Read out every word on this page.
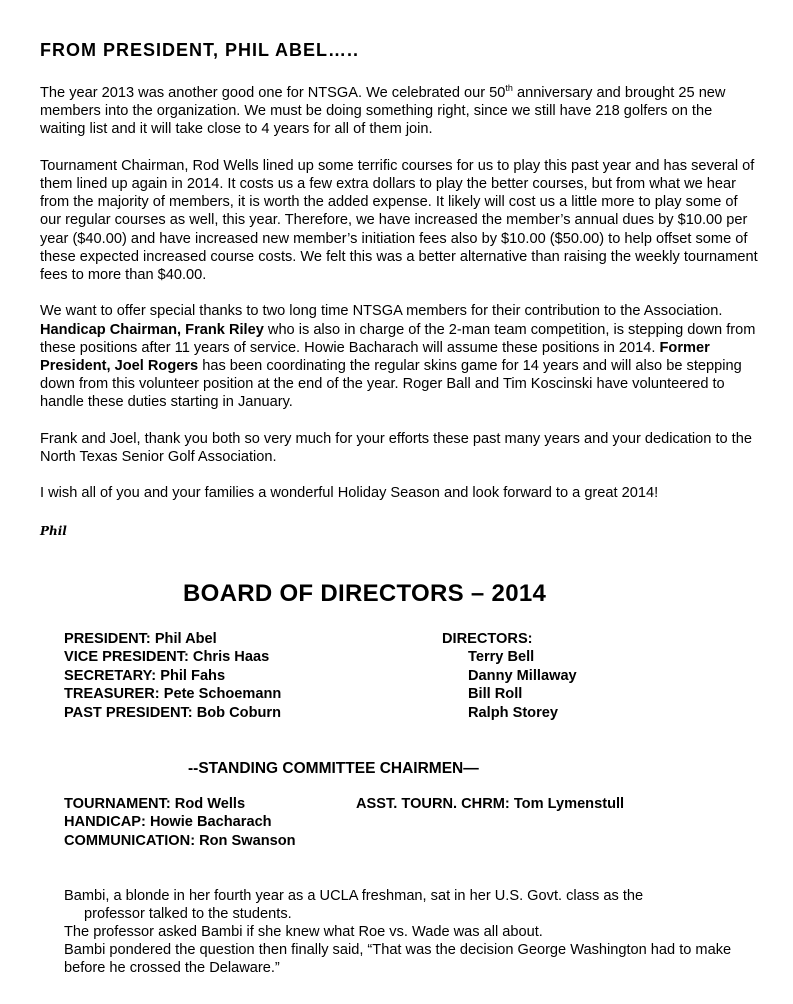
FROM PRESIDENT, PHIL ABEL…..

The year 2013 was another good one for NTSGA. We celebrated our 50th anniversary and brought 25 new members into the organization. We must be doing something right, since we still have 218 golfers on the waiting list and it will take close to 4 years for all of them join.

Tournament Chairman, Rod Wells lined up some terrific courses for us to play this past year and has several of them lined up again in 2014. It costs us a few extra dollars to play the better courses, but from what we hear from the majority of members, it is worth the added expense. It likely will cost us a little more to play some of our regular courses as well, this year. Therefore, we have increased the member’s annual dues by $10.00 per year ($40.00) and have increased new member’s initiation fees also by $10.00 ($50.00) to help offset some of these expected increased course costs. We felt this was a better alternative than raising the weekly tournament fees to more than $40.00.

We want to offer special thanks to two long time NTSGA members for their contribution to the Association. Handicap Chairman, Frank Riley who is also in charge of the 2-man team competition, is stepping down from these positions after 11 years of service. Howie Bacharach will assume these positions in 2014. Former President, Joel Rogers has been coordinating the regular skins game for 14 years and will also be stepping down from this volunteer position at the end of the year. Roger Ball and Tim Koscinski have volunteered to handle these duties starting in January.

Frank and Joel, thank you both so very much for your efforts these past many years and your dedication to the North Texas Senior Golf Association.

I wish all of you and your families a wonderful Holiday Season and look forward to a great 2014!

Phil
BOARD OF DIRECTORS – 2014
PRESIDENT: Phil Abel
VICE PRESIDENT: Chris Haas
SECRETARY: Phil Fahs
TREASURER: Pete Schoemann
PAST PRESIDENT: Bob Coburn
DIRECTORS:
Terry Bell
Danny Millaway
Bill Roll
Ralph Storey
--STANDING COMMITTEE CHAIRMEN—
TOURNAMENT: Rod Wells
HANDICAP: Howie Bacharach
COMMUNICATION: Ron Swanson
ASST. TOURN. CHRM: Tom Lymenstull
Bambi, a blonde in her fourth year as a UCLA freshman, sat in her U.S. Govt. class as the
professor talked to the students.
The professor asked Bambi if she knew what Roe vs. Wade was all about.
Bambi pondered the question then finally said, “That was the decision George Washington had to make before he crossed the Delaware.”
